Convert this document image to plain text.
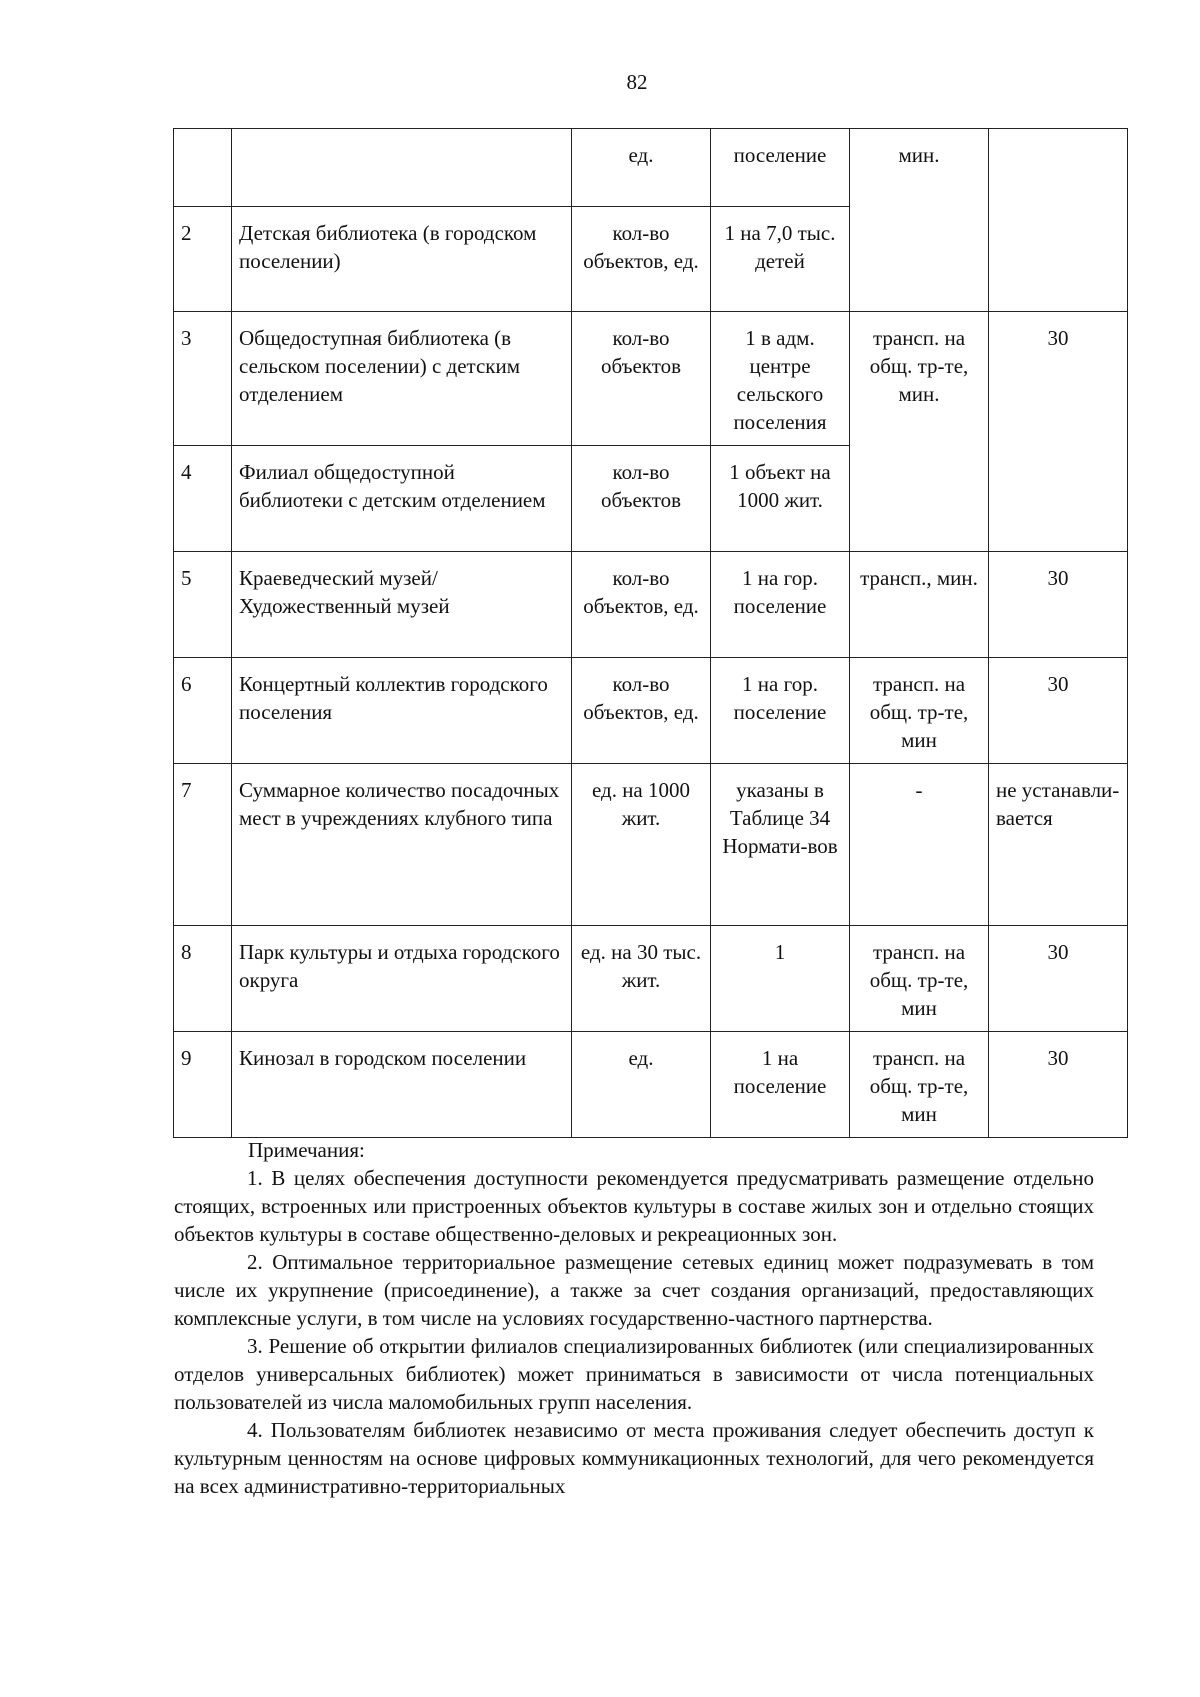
82
		ед.	поселение	мин.	
2	Детская библиотека (в городском поселении)	кол-во объектов, ед.	1 на 7,0 тыс. детей		
3	Общедоступная библиотека (в сельском поселении) с детским отделением	кол-во объектов	1 в адм. центре сельского поселения	трансп. на общ. тр-те, мин.	30
4	Филиал общедоступной библиотеки с детским отделением	кол-во объектов	1 объект на 1000 жит.		
5	Краеведческий музей/ Художественный музей	кол-во объектов, ед.	1 на гор. поселение	трансп., мин.	30
6	Концертный коллектив городского поселения	кол-во объектов, ед.	1 на гор. поселение	трансп. на общ. тр-те, мин	30
7	Суммарное количество посадочных мест в учреждениях клубного типа	ед. на 1000 жит.	указаны в Таблице 34 Нормати-вов	-	не устанавли-вается
8	Парк культуры и отдыха городского округа	ед. на 30 тыс. жит.	1	трансп. на общ. тр-те, мин	30
9	Кинозал в городском поселении	ед.	1 на поселение	трансп. на общ. тр-те, мин	30
Примечания:

1. В целях обеспечения доступности рекомендуется предусматривать размещение отдельно стоящих, встроенных или пристроенных объектов культуры в составе жилых зон и отдельно стоящих объектов культуры в составе общественно-деловых и рекреационных зон.

2. Оптимальное территориальное размещение сетевых единиц может подразумевать в том числе их укрупнение (присоединение), а также за счет создания организаций, предоставляющих комплексные услуги, в том числе на условиях государственно-частного партнерства.

3. Решение об открытии филиалов специализированных библиотек (или специализированных отделов универсальных библиотек) может приниматься в зависимости от числа потенциальных пользователей из числа маломобильных групп населения.

4. Пользователям библиотек независимо от места проживания следует обеспечить доступ к культурным ценностям на основе цифровых коммуникационных технологий, для чего рекомендуется на всех административно-территориальных
